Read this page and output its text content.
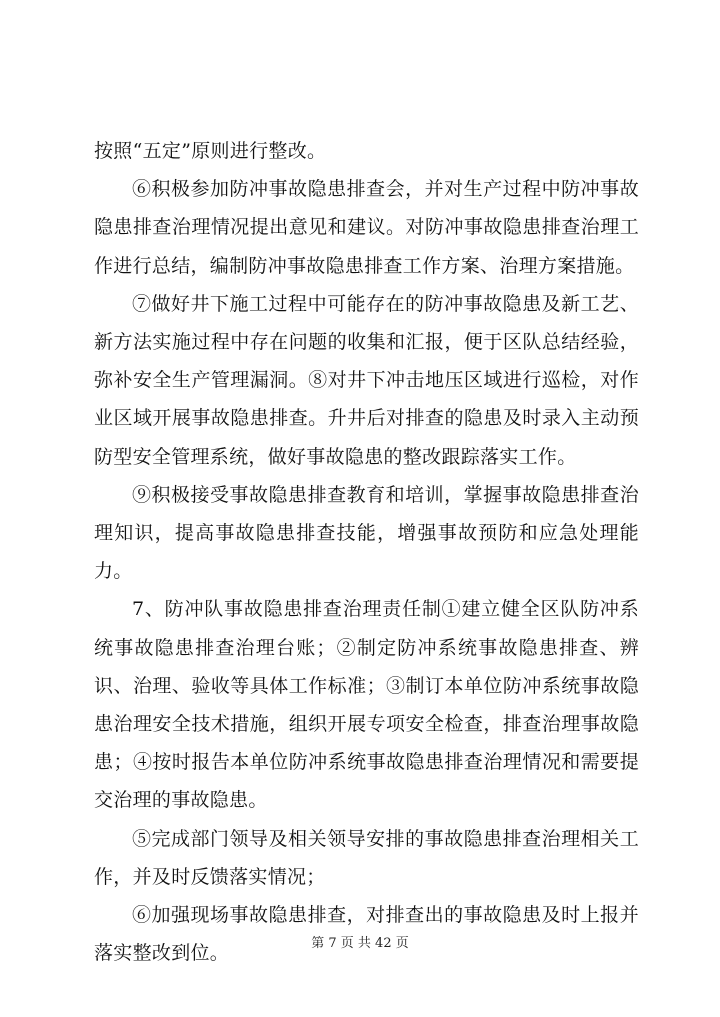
按照“五定”原则进行整改。

⑥积极参加防冲事故隐患排查会，并对生产过程中防冲事故隐患排查治理情况提出意见和建议。对防冲事故隐患排查治理工作进行总结，编制防冲事故隐患排查工作方案、治理方案措施。

⑦做好井下施工过程中可能存在的防冲事故隐患及新工艺、新方法实施过程中存在问题的收集和汇报，便于区队总结经验，弥补安全生产管理漏洞。⑧对井下冲击地压区域进行巡检，对作业区域开展事故隐患排查。升井后对排查的隐患及时录入主动预防型安全管理系统，做好事故隐患的整改跟踪落实工作。

⑨积极接受事故隐患排查教育和培训，掌握事故隐患排查治理知识，提高事故隐患排查技能，增强事故预防和应急处理能力。

7、防冲队事故隐患排查治理责任制①建立健全区队防冲系统事故隐患排查治理台账；②制定防冲系统事故隐患排查、辨识、治理、验收等具体工作标准；③制订本单位防冲系统事故隐患治理安全技术措施，组织开展专项安全检查，排查治理事故隐患；④按时报告本单位防冲系统事故隐患排查治理情况和需要提交治理的事故隐患。

⑤完成部门领导及相关领导安排的事故隐患排查治理相关工作，并及时反馈落实情况；

⑥加强现场事故隐患排查，对排查出的事故隐患及时上报并落实整改到位。	第 7 页 共 42 页
